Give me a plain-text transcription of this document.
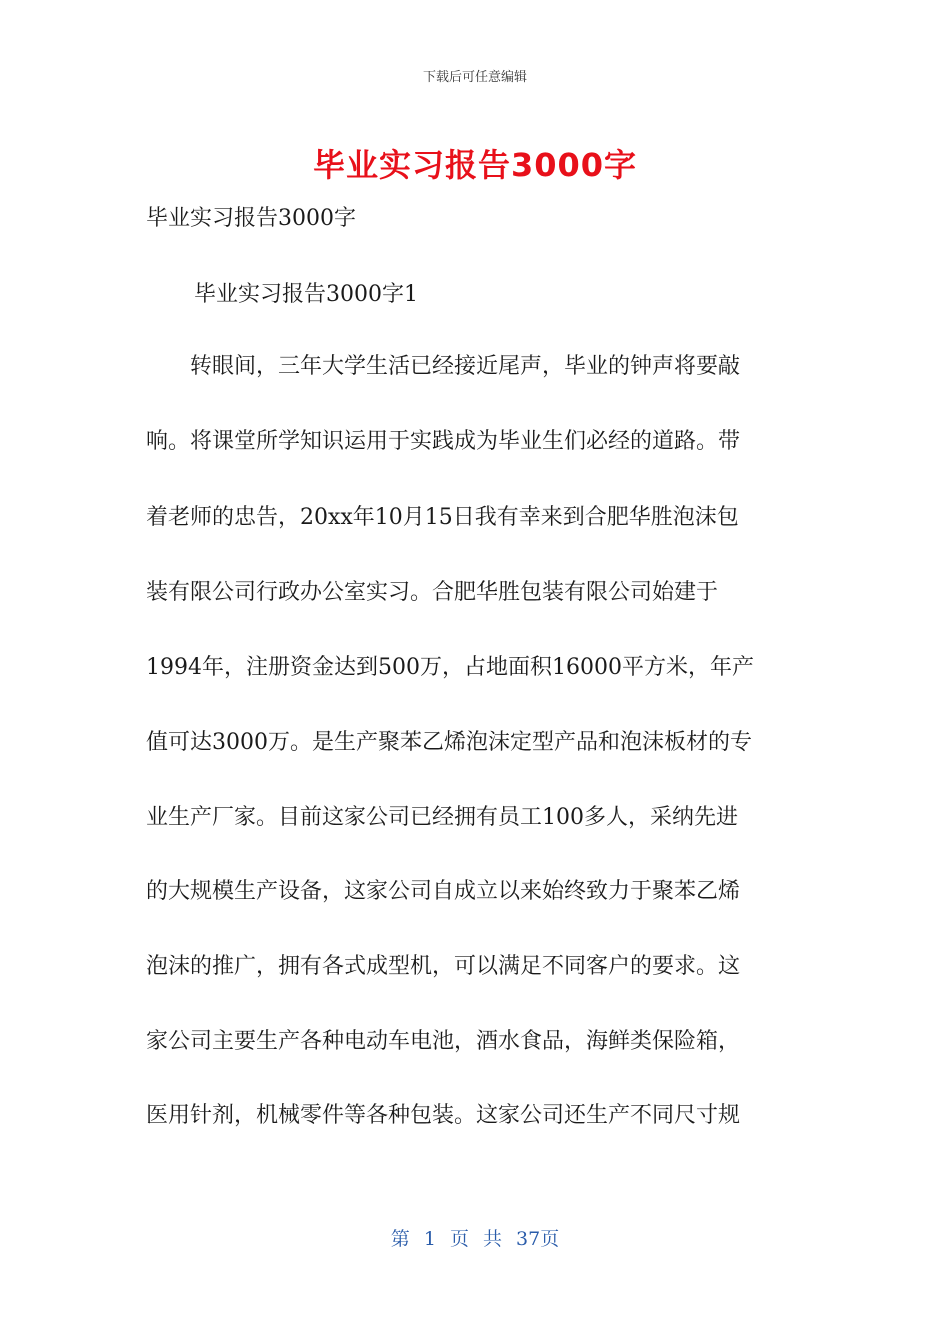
下载后可任意编辑
毕业实习报告3000字

毕业实习报告3000字

毕业实习报告3000字1

　　转眼间，三年大学生活已经接近尾声，毕业的钟声将要敲

响。将课堂所学知识运用于实践成为毕业生们必经的道路。带

着老师的忠告，20xx年10月15日我有幸来到合肥华胜泡沫包

装有限公司行政办公室实习。合肥华胜包装有限公司始建于

1994年，注册资金达到500万，占地面积16000平方米，年产

值可达3000万。是生产聚苯乙烯泡沫定型产品和泡沫板材的专

业生产厂家。目前这家公司已经拥有员工100多人，采纳先进

的大规模生产设备，这家公司自成立以来始终致力于聚苯乙烯

泡沫的推广，拥有各式成型机，可以满足不同客户的要求。这

家公司主要生产各种电动车电池，酒水食品，海鲜类保险箱，

医用针剂，机械零件等各种包装。这家公司还生产不同尺寸规

第 1 页 共 37页
